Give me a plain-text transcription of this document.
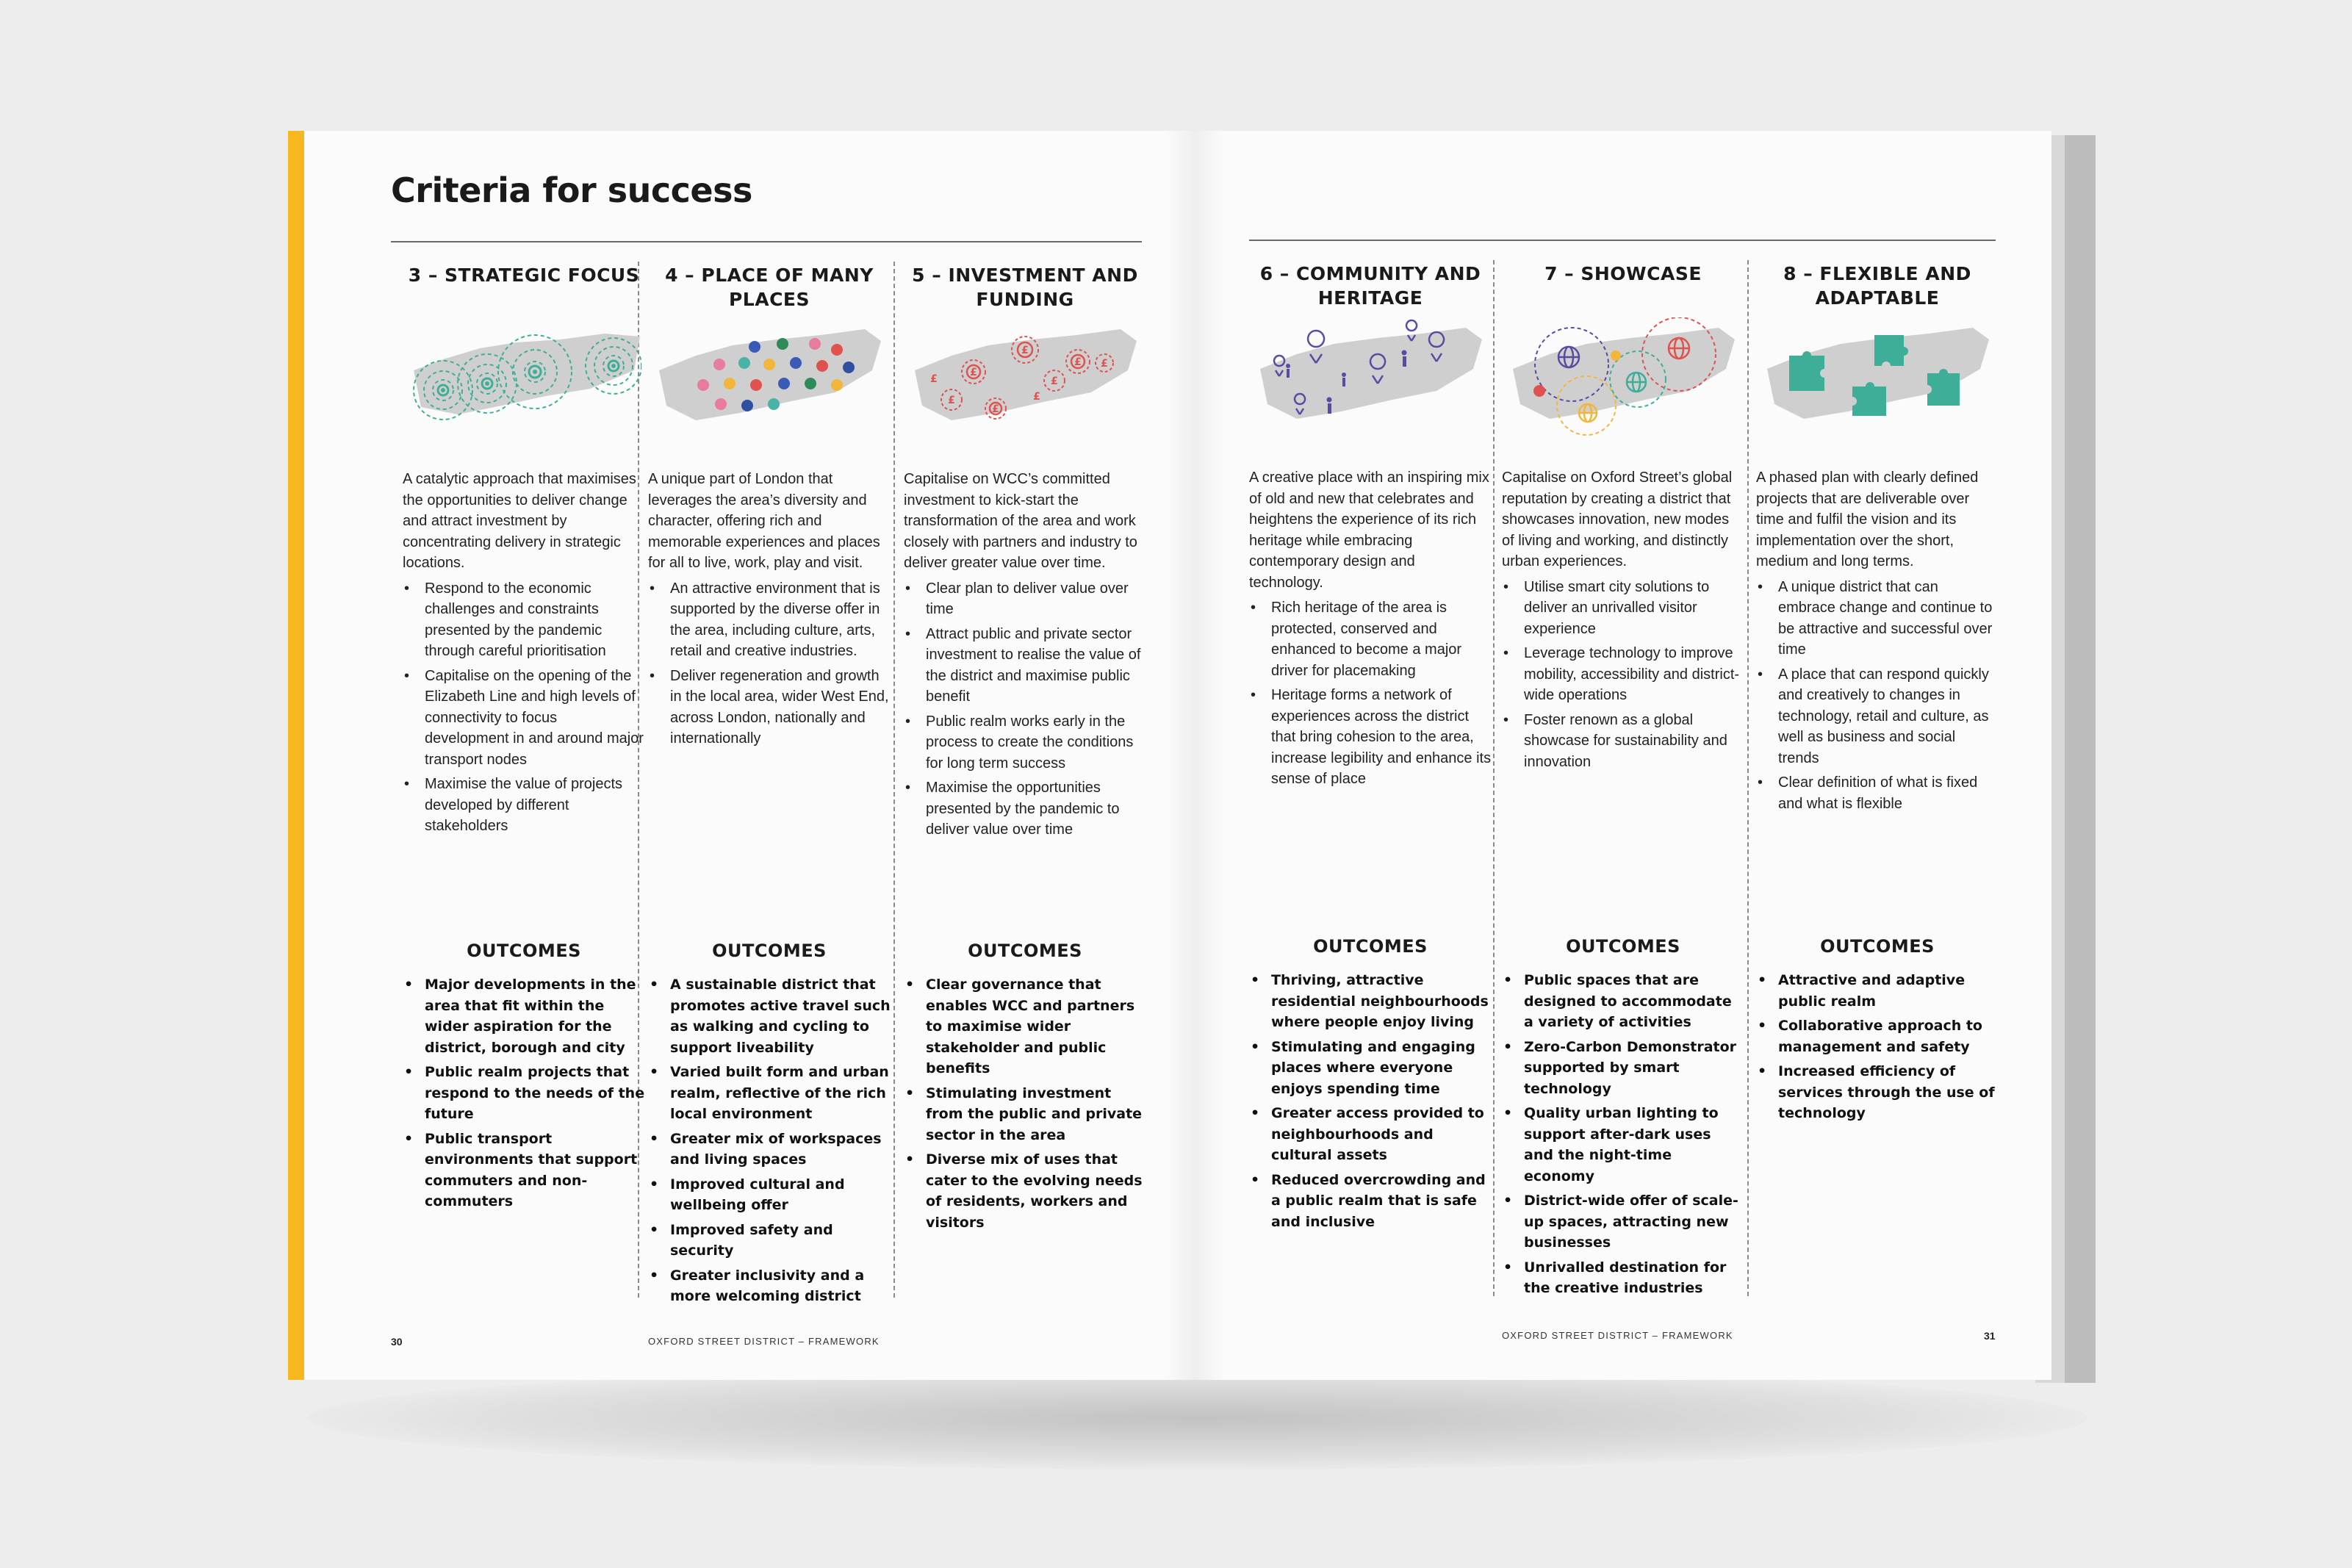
Criteria for success
3 – STRATEGIC FOCUS

A catalytic approach that maximises the opportunities to deliver change and attract investment by concentrating delivery in strategic locations.

• Respond to the economic challenges and constraints presented by the pandemic through careful prioritisation
• Capitalise on the opening of the Elizabeth Line and high levels of connectivity to focus development in and around major transport nodes
• Maximise the value of projects developed by different stakeholders
OUTCOMES
• Major developments in the area that fit within the wider aspiration for the district, borough and city
• Public realm projects that respond to the needs of the future
• Public transport environments that support commuters and non-commuters
4 – PLACE OF MANY PLACES

A unique part of London that leverages the area’s diversity and character, offering rich and memorable experiences and places for all to live, work, play and visit.

• An attractive environment that is supported by the diverse offer in the area, including culture, arts, retail and creative industries.
• Deliver regeneration and growth in the local area, wider West End, across London, nationally and internationally
OUTCOMES
• A sustainable district that promotes active travel such as walking and cycling to support liveability
• Varied built form and urban realm, reflective of the rich local environment
• Greater mix of workspaces and living spaces
• Improved cultural and wellbeing offer
• Improved safety and security
• Greater inclusivity and a more welcoming district
5 – INVESTMENT AND FUNDING
£
£
£
£
£
£
£
£
£

Capitalise on WCC’s committed investment to kick-start the transformation of the area and work closely with partners and industry to deliver greater value over time.

• Clear plan to deliver value over time
• Attract public and private sector investment to realise the value of the district and maximise public benefit
• Public realm works early in the process to create the conditions for long term success
• Maximise the opportunities presented by the pandemic to deliver value over time
OUTCOMES
• Clear governance that enables WCC and partners to maximise wider stakeholder and public benefits
• Stimulating investment from the public and private sector in the area
• Diverse mix of uses that cater to the evolving needs of residents, workers and visitors
6 – COMMUNITY AND HERITAGE

A creative place with an inspiring mix of old and new that celebrates and heightens the experience of its rich heritage while embracing contemporary design and technology.

• Rich heritage of the area is protected, conserved and enhanced to become a major driver for placemaking
• Heritage forms a network of experiences across the district that bring cohesion to the area, increase legibility and enhance its sense of place
OUTCOMES
• Thriving, attractive residential neighbourhoods where people enjoy living
• Stimulating and engaging places where everyone enjoys spending time
• Greater access provided to neighbourhoods and cultural assets
• Reduced overcrowding and a public realm that is safe and inclusive
7 – SHOWCASE

Capitalise on Oxford Street’s global reputation by creating a district that showcases innovation, new modes of living and working, and distinctly urban experiences.

• Utilise smart city solutions to deliver an unrivalled visitor experience
• Leverage technology to improve mobility, accessibility and district-wide operations
• Foster renown as a global showcase for sustainability and innovation
OUTCOMES
• Public spaces that are designed to accommodate a variety of activities
• Zero-Carbon Demonstrator supported by smart technology
• Quality urban lighting to support after-dark uses and the night-time economy
• District-wide offer of scale-up spaces, attracting new businesses
• Unrivalled destination for the creative industries
8 – FLEXIBLE AND ADAPTABLE

A phased plan with clearly defined projects that are deliverable over time and fulfil the vision and its implementation over the short, medium and long terms.

• A unique district that can embrace change and continue to be attractive and successful over time
• A place that can respond quickly and creatively to changes in technology, retail and culture, as well as business and social trends
• Clear definition of what is fixed and what is flexible
OUTCOMES
• Attractive and adaptive public realm
• Collaborative approach to management and safety
• Increased efficiency of services through the use of technology
30	OXFORD STREET DISTRICT – FRAMEWORK
OXFORD STREET DISTRICT – FRAMEWORK	31
